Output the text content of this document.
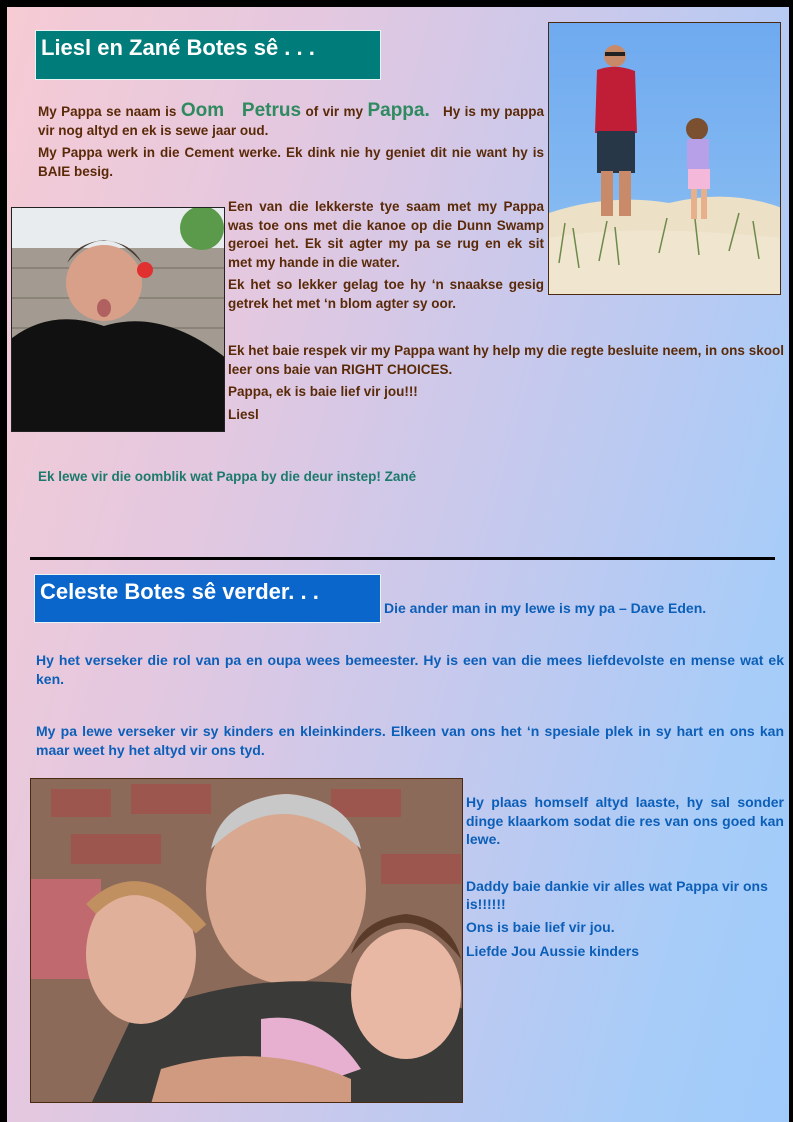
Liesl en Zané Botes sê . . .

My Pappa se naam is Oom   Petrus of vir my Pappa.   Hy is my pappa vir nog altyd en ek is sewe jaar oud.

My Pappa werk in die Cement werke. Ek dink nie hy geniet dit nie want hy is BAIE besig.

Een van die lekkerste tye saam met my Pappa was toe ons met die kanoe op die Dunn Swamp geroei het. Ek sit agter my pa se rug en ek sit met my hande in die water.

Ek het so lekker gelag toe hy ‘n snaakse gesig getrek het met ‘n blom agter sy oor.

Ek het baie respek vir my Pappa want hy help my die regte besluite neem, in ons skool leer ons baie van RIGHT CHOICES.

Pappa, ek is baie lief vir jou!!!

Liesl

Ek lewe vir die oomblik wat Pappa by die deur instep! Zané
Celeste Botes sê verder. . .
Die ander man in my lewe is my pa – Dave Eden.
Hy het verseker die rol van pa en oupa wees bemeester. Hy is een van die mees liefdevolste en mense wat ek ken.
My pa lewe verseker vir sy kinders en kleinkinders. Elkeen van ons het ‘n spesiale plek in sy hart en ons kan maar weet hy het altyd vir ons tyd.

Hy plaas homself altyd laaste, hy sal sonder dinge klaarkom sodat die res van ons goed kan lewe.

Daddy baie dankie vir alles wat Pappa vir ons is!!!!!!

Ons is baie lief vir jou.

Liefde Jou Aussie kinders
